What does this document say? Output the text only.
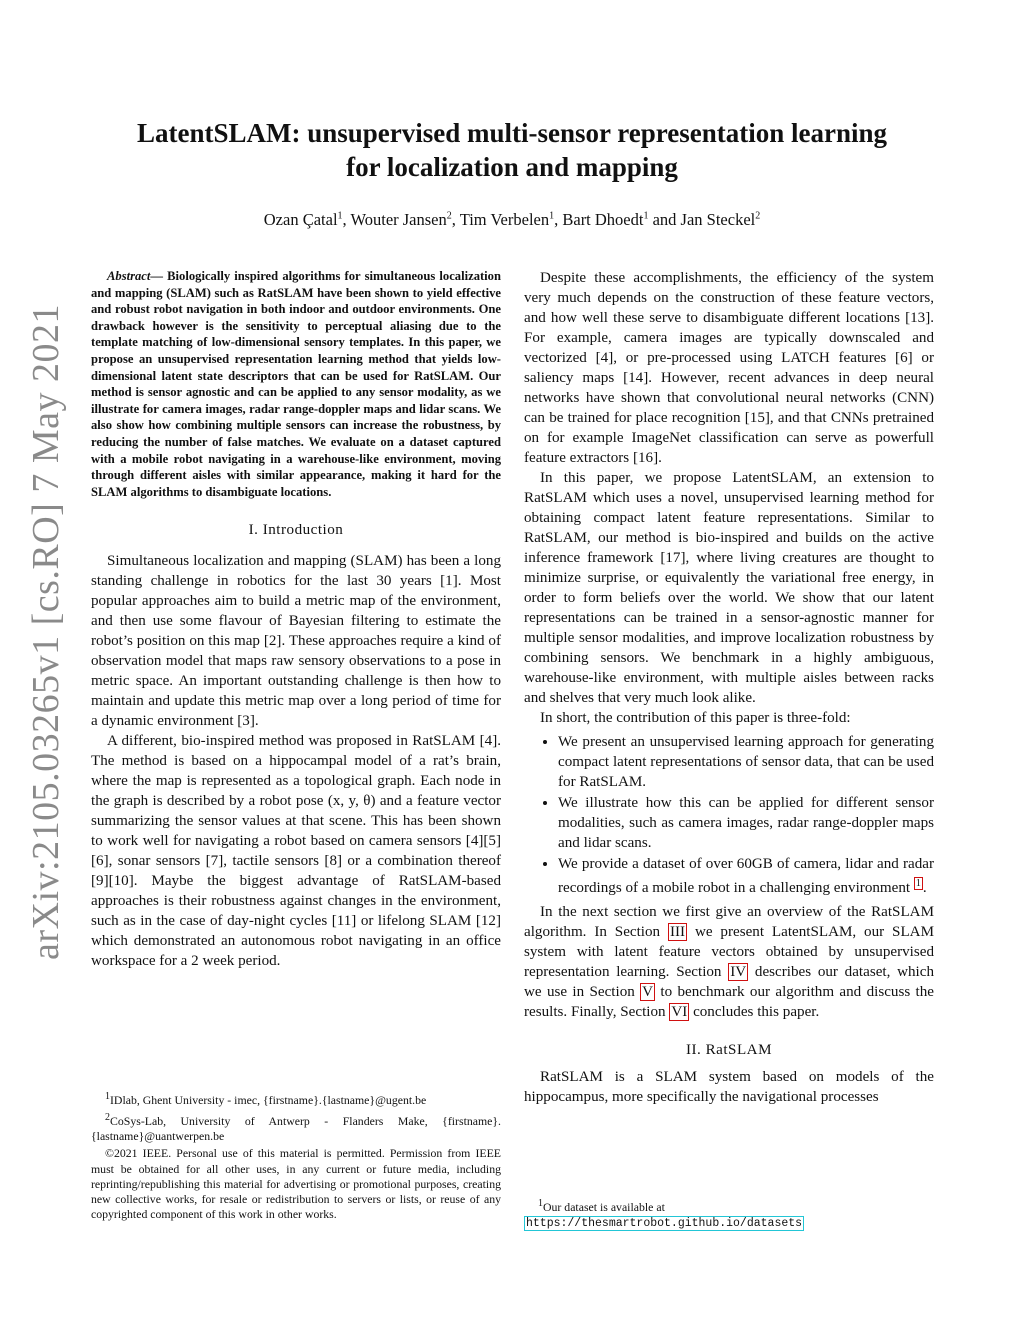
arXiv:2105.03265v1 [cs.RO] 7 May 2021
LatentSLAM: unsupervised multi-sensor representation learning for localization and mapping
Ozan Çatal$^1$, Wouter Jansen$^2$, Tim Verbelen$^1$, Bart Dhoedt$^1$ and Jan Steckel$^2$

Abstract— Biologically inspired algorithms for simultaneous localization and mapping (SLAM) such as RatSLAM have been shown to yield effective and robust robot navigation in both indoor and outdoor environments. One drawback however is the sensitivity to perceptual aliasing due to the template matching of low-dimensional sensory templates. In this paper, we propose an unsupervised representation learning method that yields low-dimensional latent state descriptors that can be used for RatSLAM. Our method is sensor agnostic and can be applied to any sensor modality, as we illustrate for camera images, radar range-doppler maps and lidar scans. We also show how combining multiple sensors can increase the robustness, by reducing the number of false matches. We evaluate on a dataset captured with a mobile robot navigating in a warehouse-like environment, moving through different aisles with similar appearance, making it hard for the SLAM algorithms to disambiguate locations.

I. Introduction

Simultaneous localization and mapping (SLAM) has been a long standing challenge in robotics for the last 30 years [1]. Most popular approaches aim to build a metric map of the environment, and then use some flavour of Bayesian filtering to estimate the robot’s position on this map [2]. These approaches require a kind of observation model that maps raw sensory observations to a pose in metric space. An important outstanding challenge is then how to maintain and update this metric map over a long period of time for a dynamic environment [3].

A different, bio-inspired method was proposed in RatSLAM [4]. The method is based on a hippocampal model of a rat’s brain, where the map is represented as a topological graph. Each node in the graph is described by a robot pose (x, y, θ) and a feature vector summarizing the sensor values at that scene. This has been shown to work well for navigating a robot based on camera sensors [4][5][6], sonar sensors [7], tactile sensors [8] or a combination thereof [9][10]. Maybe the biggest advantage of RatSLAM-based approaches is their robustness against changes in the environment, such as in the case of day-night cycles [11] or lifelong SLAM [12] which demonstrated an autonomous robot navigating in an office workspace for a 2 week period.

$^1$IDlab, Ghent University - imec, {firstname}.{lastname}@ugent.be
$^2$CoSys-Lab, University of Antwerp - Flanders Make, {firstname}.{lastname}@uantwerpen.be
©2021 IEEE. Personal use of this material is permitted. Permission from IEEE must be obtained for all other uses, in any current or future media, including reprinting/republishing this material for advertising or promotional purposes, creating new collective works, for resale or redistribution to servers or lists, or reuse of any copyrighted component of this work in other works.

Despite these accomplishments, the efficiency of the system very much depends on the construction of these feature vectors, and how well these serve to disambiguate different locations [13]. For example, camera images are typically downscaled and vectorized [4], or pre-processed using LATCH features [6] or saliency maps [14]. However, recent advances in deep neural networks have shown that convolutional neural networks (CNN) can be trained for place recognition [15], and that CNNs pretrained on for example ImageNet classification can serve as powerfull feature extractors [16].

In this paper, we propose LatentSLAM, an extension to RatSLAM which uses a novel, unsupervised learning method for obtaining compact latent feature representations. Similar to RatSLAM, our method is bio-inspired and builds on the active inference framework [17], where living creatures are thought to minimize surprise, or equivalently the variational free energy, in order to form beliefs over the world. We show that our latent representations can be trained in a sensor-agnostic manner for multiple sensor modalities, and improve localization robustness by combining sensors. We benchmark in a highly ambiguous, warehouse-like environment, with multiple aisles between racks and shelves that very much look alike.

In short, the contribution of this paper is three-fold:

• We present an unsupervised learning approach for generating compact latent representations of sensor data, that can be used for RatSLAM.
• We illustrate how this can be applied for different sensor modalities, such as camera images, radar range-doppler maps and lidar scans.
• We provide a dataset of over 60GB of camera, lidar and radar recordings of a mobile robot in a challenging environment $^1$ .

In the next section we first give an overview of the RatSLAM algorithm. In Section III we present LatentSLAM, our SLAM system with latent feature vectors obtained by unsupervised representation learning. Section IV describes our dataset, which we use in Section V to benchmark our algorithm and discuss the results. Finally, Section VI concludes this paper.

II. RatSLAM

RatSLAM is a SLAM system based on models of the hippocampus, more specifically the navigational processes

$^1$Our dataset is available at https://thesmartrobot.github.io/datasets
